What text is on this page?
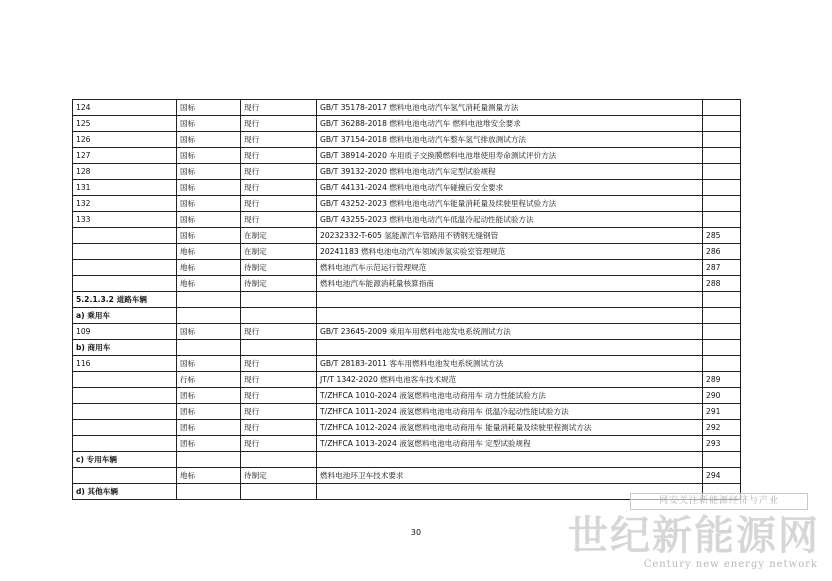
124	国标	现行	GB/T 35178-2017 燃料电池电动汽车氢气消耗量测量方法	
125	国标	现行	GB/T 36288-2018 燃料电池电动汽车 燃料电池堆安全要求	
126	国标	现行	GB/T 37154-2018 燃料电池电动汽车整车氢气排放测试方法	
127	国标	现行	GB/T 38914-2020 车用质子交换膜燃料电池堆使用寿命测试评价方法	
128	国标	现行	GB/T 39132-2020 燃料电池电动汽车定型试验规程	
131	国标	现行	GB/T 44131-2024 燃料电池电动汽车碰撞后安全要求	
132	国标	现行	GB/T 43252-2023 燃料电池电动汽车能量消耗量及续驶里程试验方法	
133	国标	现行	GB/T 43255-2023 燃料电池电动汽车低温冷起动性能试验方法	
	国标	在制定	20232332-T-605 氢能源汽车管路用不锈钢无缝钢管	285
	地标	在制定	20241183 燃料电池电动汽车领域涉氢实验室管理规范	286
	地标	待制定	燃料电池汽车示范运行管理规范	287
	地标	待制定	燃料电池汽车能源消耗量核算指南	288
5.2.1.3.2 道路车辆				
a) 乘用车				
109	国标	现行	GB/T 23645-2009 乘用车用燃料电池发电系统测试方法	
b) 商用车				
116	国标	现行	GB/T 28183-2011 客车用燃料电池发电系统测试方法	
	行标	现行	JT/T 1342-2020 燃料电池客车技术规范	289
	团标	现行	T/ZHFCA 1010-2024 液氢燃料电池电动商用车 动力性能试验方法	290
	团标	现行	T/ZHFCA 1011-2024 液氢燃料电池电动商用车 低温冷起动性能试验方法	291
	团标	现行	T/ZHFCA 1012-2024 液氢燃料电池电动商用车 能量消耗量及续驶里程测试方法	292
	团标	现行	T/ZHFCA 1013-2024 液氢燃料电池电动商用车 定型试验规程	293
c) 专用车辆				
	地标	待制定	燃料电池环卫车技术要求	294
d) 其他车辆				
30
网安关注新能源经济与产业
世纪新能源网
Century new energy network
